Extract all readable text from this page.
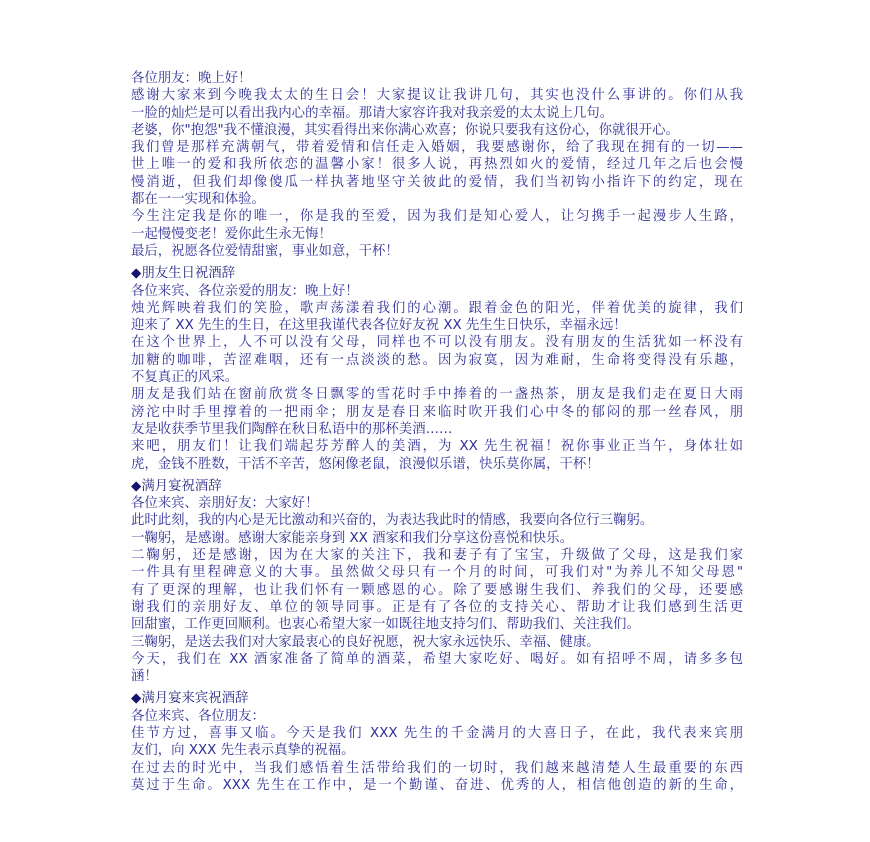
各位朋友：晚上好！
感谢大家来到今晚我太太的生日会！大家提议让我讲几句，其实也没什么事讲的。你们从我
一脸的灿烂是可以看出我内心的幸福。那请大家容许我对我亲爱的太太说上几句。
老婆，你"抱怨"我不懂浪漫，其实看得出来你满心欢喜；你说只要我有这份心，你就很开心。
我们曾是那样充满朝气，带着爱情和信任走入婚姻，我要感谢你，给了我现在拥有的一切——
世上唯一的爱和我所依恋的温馨小家！很多人说，再热烈如火的爱情，经过几年之后也会慢
慢消逝，但我们却像傻瓜一样执著地坚守关彼此的爱情，我们当初钩小指许下的约定，现在
都在一一实现和体验。
今生注定我是你的唯一，你是我的至爱，因为我们是知心爱人，让匀携手一起漫步人生路，
一起慢慢变老！爱你此生永无悔！
最后，祝愿各位爱情甜蜜，事业如意，干杯！
◆朋友生日祝酒辞
各位来宾、各位亲爱的朋友：晚上好！
烛光辉映着我们的笑脸，歌声荡漾着我们的心潮。跟着金色的阳光，伴着优美的旋律，我们
迎来了 XX 先生的生日，在这里我谨代表各位好友祝 XX 先生生日快乐，幸福永远！
在这个世界上，人不可以没有父母，同样也不可以没有朋友。没有朋友的生活犹如一杯没有
加糖的咖啡，苦涩难咽，还有一点淡淡的愁。因为寂寞，因为难耐，生命将变得没有乐趣，
不复真正的风采。
朋友是我们站在窗前欣赏冬日飘零的雪花时手中捧着的一盏热茶，朋友是我们走在夏日大雨
滂沱中时手里撑着的一把雨伞；朋友是春日来临时吹开我们心中冬的郁闷的那一丝春风，朋
友是收获季节里我们陶醉在秋日私语中的那杯美酒……
来吧，朋友们！让我们端起芬芳醉人的美酒，为 XX 先生祝福！祝你事业正当午，身体壮如
虎，金钱不胜数，干活不辛苦，悠闲像老鼠，浪漫似乐谱，快乐莫你属，干杯！
◆满月宴祝酒辞
各位来宾、亲朋好友：大家好！
此时此刻，我的内心是无比激动和兴奋的，为表达我此时的情感，我要向各位行三鞠躬。
一鞠躬，是感谢。感谢大家能亲身到 XX 酒家和我们分享这份喜悦和快乐。
二鞠躬，还是感谢，因为在大家的关注下，我和妻子有了宝宝，升级做了父母，这是我们家
一件具有里程碑意义的大事。虽然做父母只有一个月的时间，可我们对"为养儿不知父母恩"
有了更深的理解，也让我们怀有一颗感恩的心。除了要感谢生我们、养我们的父母，还要感
谢我们的亲朋好友、单位的领导同事。正是有了各位的支持关心、帮助才让我们感到生活更
回甜蜜，工作更回顺利。也衷心希望大家一如既往地支持匀们、帮助我们、关注我们。
三鞠躬，是送去我们对大家最衷心的良好祝愿，祝大家永远快乐、幸福、健康。
今天，我们在 XX 酒家准备了简单的酒菜，希望大家吃好、喝好。如有招呼不周，请多多包
涵！
◆满月宴来宾祝酒辞
各位来宾、各位朋友：
佳节方过，喜事又临。今天是我们 XXX 先生的千金满月的大喜日子，在此，我代表来宾朋
友们，向 XXX 先生表示真挚的祝福。
在过去的时光中，当我们感悟着生活带给我们的一切时，我们越来越清楚人生最重要的东西
莫过于生命。XXX 先生在工作中，是一个勤谨、奋进、优秀的人，相信他创造的新的生命，
